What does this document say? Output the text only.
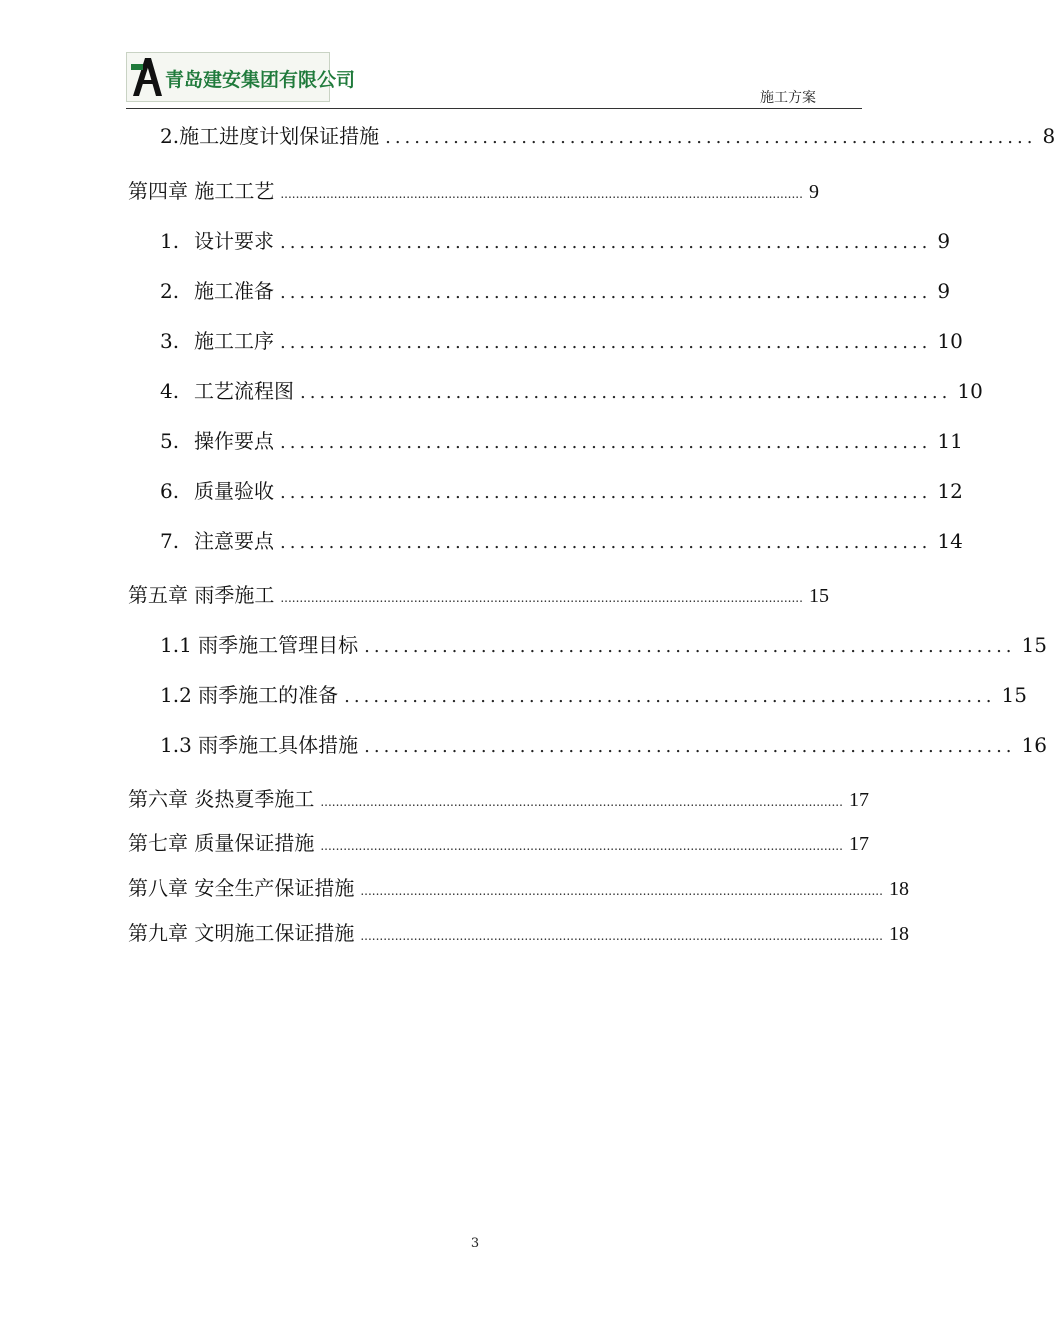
青岛建安集团有限公司
施工方案
2.施工进度计划保证措施 ................................................................... 8
第四章 施工工艺 ......................................................................................................................................... 9
1. 设计要求 ................................................................... 9
2. 施工准备 ................................................................... 9
3. 施工工序 ................................................................... 10
4. 工艺流程图 ................................................................... 10
5. 操作要点 ................................................................... 11
6. 质量验收 ................................................................... 12
7. 注意要点 ................................................................... 14
第五章 雨季施工 ......................................................................................................................................... 15
1.1 雨季施工管理目标 ................................................................... 15
1.2 雨季施工的准备 ................................................................... 15
1.3 雨季施工具体措施 ................................................................... 16
第六章 炎热夏季施工 ......................................................................................................................................... 17
第七章 质量保证措施 ......................................................................................................................................... 17
第八章 安全生产保证措施 ......................................................................................................................................... 18
第九章 文明施工保证措施 ......................................................................................................................................... 18
3
